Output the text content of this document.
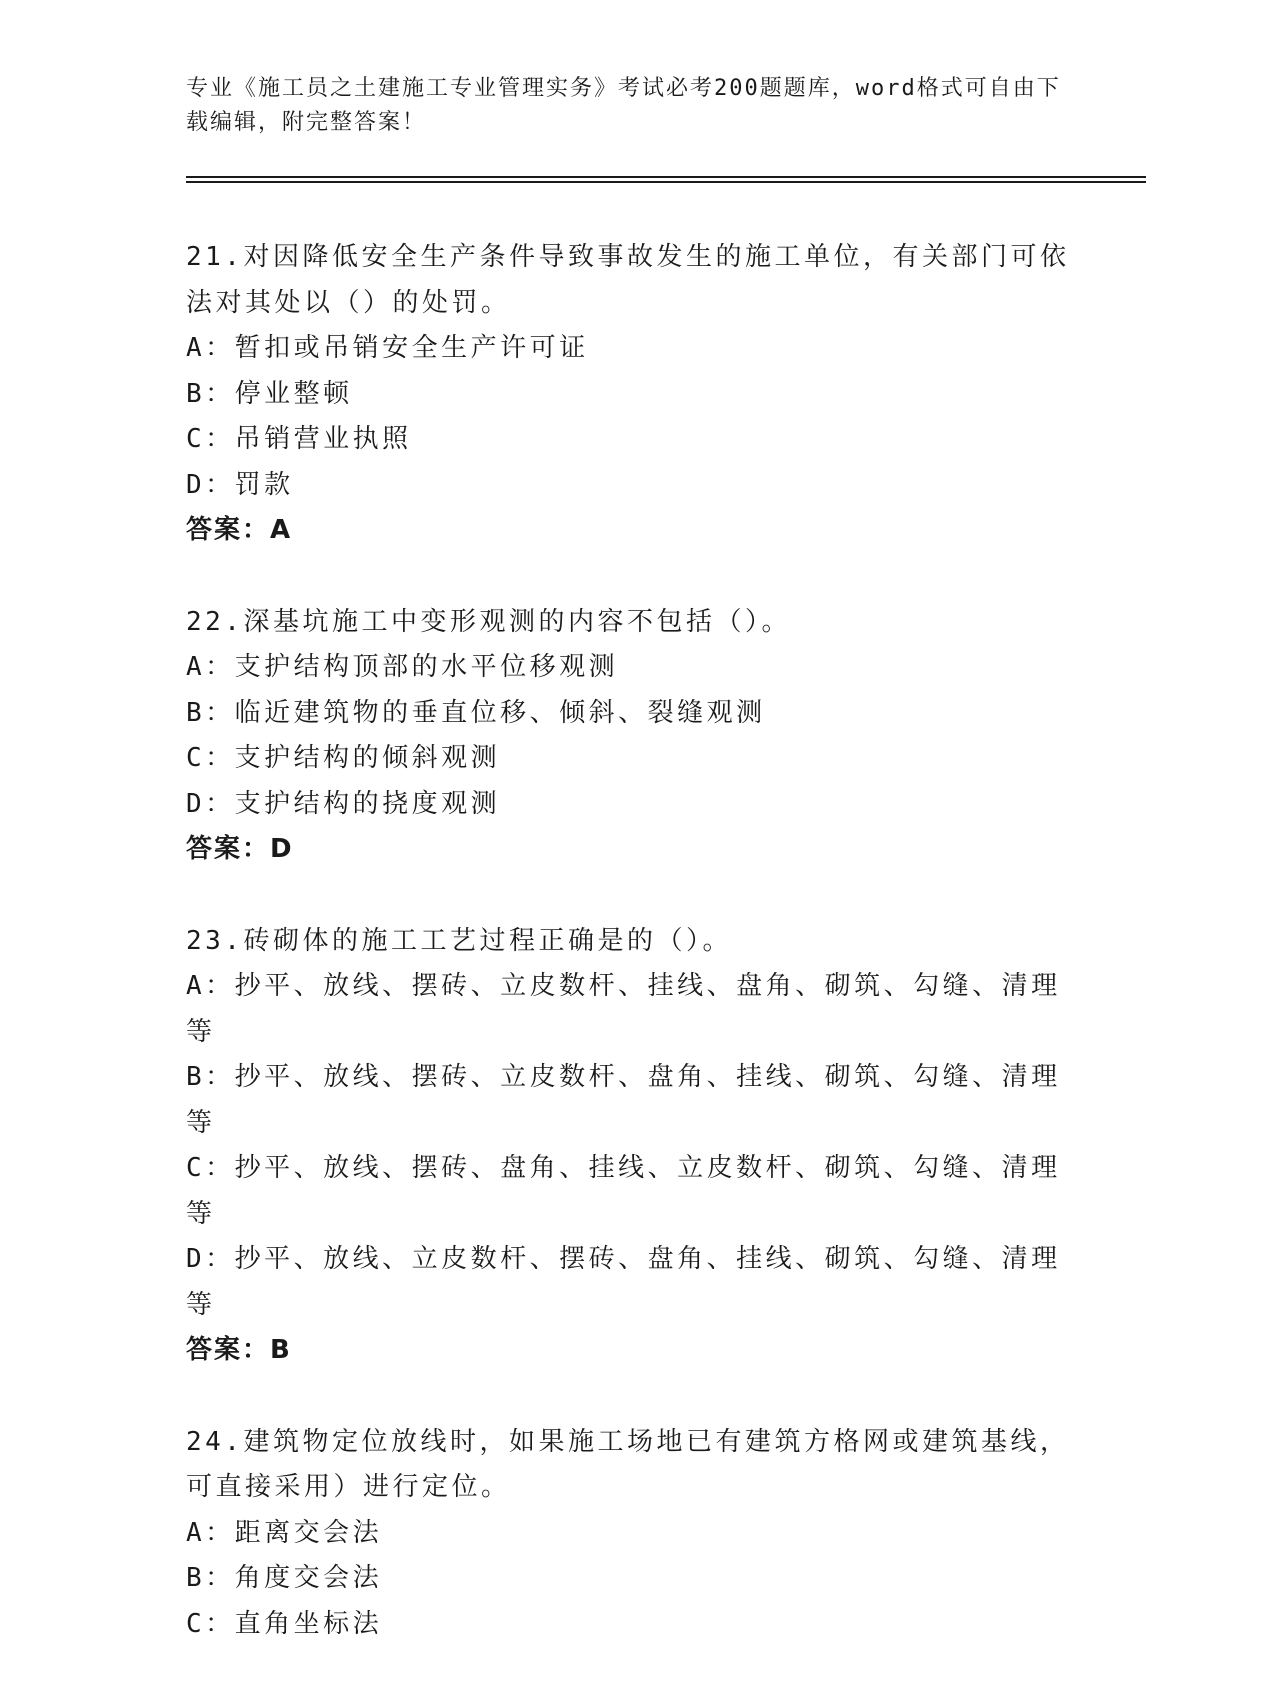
专业《施工员之土建施工专业管理实务》考试必考200题题库，word格式可自由下载编辑，附完整答案！

21.对因降低安全生产条件导致事故发生的施工单位，有关部门可依法对其处以（）的处罚。

A：暂扣或吊销安全生产许可证

B：停业整顿

C：吊销营业执照

D：罚款

答案：A

22.深基坑施工中变形观测的内容不包括（）。

A：支护结构顶部的水平位移观测

B：临近建筑物的垂直位移、倾斜、裂缝观测

C：支护结构的倾斜观测

D：支护结构的挠度观测

答案：D

23.砖砌体的施工工艺过程正确是的（）。

A：抄平、放线、摆砖、立皮数杆、挂线、盘角、砌筑、勾缝、清理等

B：抄平、放线、摆砖、立皮数杆、盘角、挂线、砌筑、勾缝、清理等

C：抄平、放线、摆砖、盘角、挂线、立皮数杆、砌筑、勾缝、清理等

D：抄平、放线、立皮数杆、摆砖、盘角、挂线、砌筑、勾缝、清理等

答案：B

24.建筑物定位放线时，如果施工场地已有建筑方格网或建筑基线，可直接采用）进行定位。

A：距离交会法

B：角度交会法

C：直角坐标法
